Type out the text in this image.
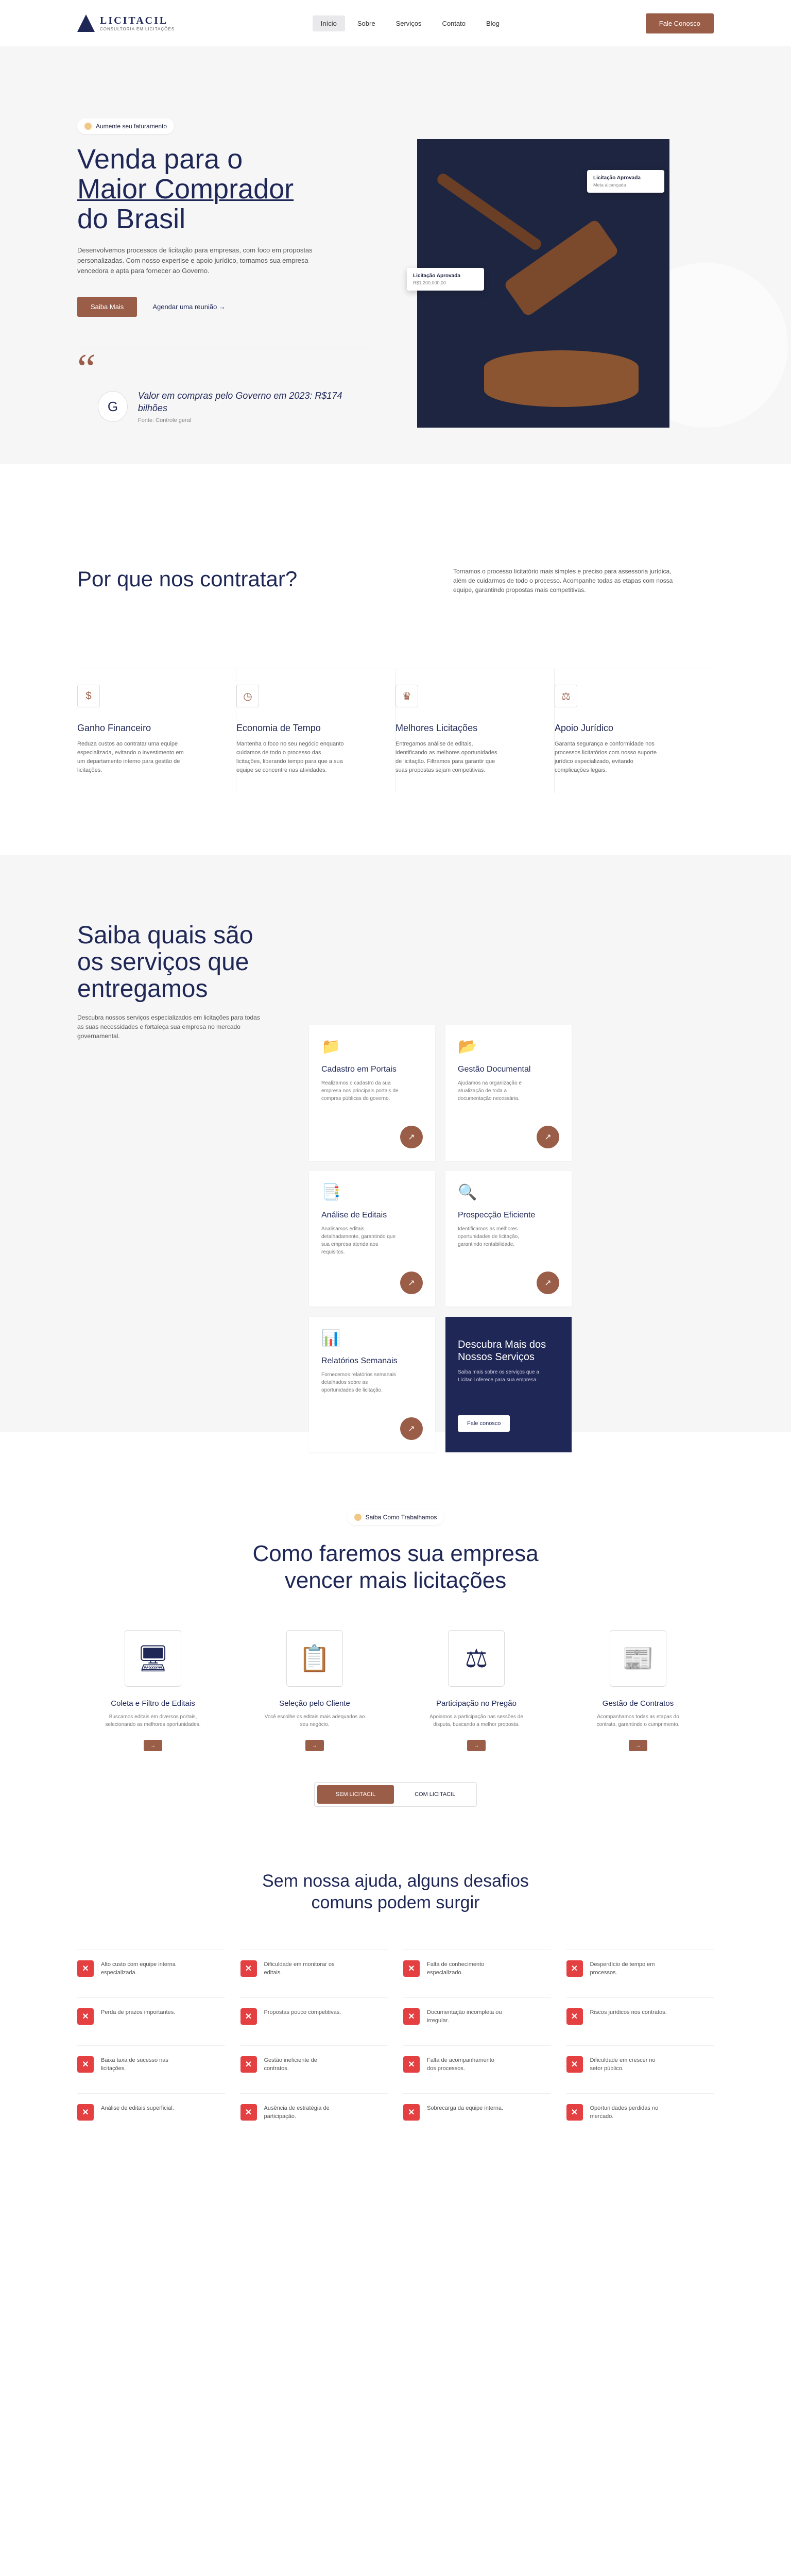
LICITACIL
CONSULTORIA EM LICITAÇÕES
Início	Sobre	Serviços	Contato	Blog	Fale Conosco
Aumente seu faturamento
Venda para o
Maior Comprador
do Brasil

Desenvolvemos processos de licitação para empresas, com foco em propostas personalizadas. Com nosso expertise e apoio jurídico, tornamos sua empresa vencedora e apta para fornecer ao Governo.

Saiba Mais	Agendar uma reunião →
“
G
Valor em compras pelo Governo em 2023: R$174 bilhões
Fonte: Controle geral
Licitação Aprovada
Meta alcançada
Licitação Aprovada
R$1.200.000,00
Por que nos contratar?	Tornamos o processo licitatório mais simples e preciso para assessoria jurídica, além de cuidarmos de todo o processo. Acompanhe todas as etapas com nossa equipe, garantindo propostas mais competitivas.

$
Ganho Financeiro

Reduza custos ao contratar uma equipe especializada, evitando o investimento em um departamento interno para gestão de licitações.

◷
Economia de Tempo

Mantenha o foco no seu negócio enquanto cuidamos de todo o processo das licitações, liberando tempo para que a sua equipe se concentre nas atividades.

♛
Melhores Licitações

Entregamos análise de editais, identificando as melhores oportunidades de licitação. Filtramos para garantir que suas propostas sejam competitivas.

⚖
Apoio Jurídico

Garanta segurança e conformidade nos processos licitatórios com nosso suporte jurídico especializado, evitando complicações legais.

Saiba quais são os serviços que entregamos

Descubra nossos serviços especializados em licitações para todas as suas necessidades e fortaleça sua empresa no mercado governamental.

📁
Cadastro em Portais

Realizamos o cadastro da sua empresa nos principais portais de compras públicas do governo.

↗
📂
Gestão Documental

Ajudamos na organização e atualização de toda a documentação necessária.

↗
📑
Análise de Editais

Analisamos editais detalhadamente, garantindo que sua empresa atenda aos requisitos.

↗
🔍
Prospecção Eficiente

Identificamos as melhores oportunidades de licitação, garantindo rentabilidade.

↗
📊
Relatórios Semanais

Fornecemos relatórios semanais detalhados sobre as oportunidades de licitação.

↗
Descubra Mais dos Nossos Serviços

Saiba mais sobre os serviços que a Licitacil oferece para sua empresa.

Fale conosco
Saiba Como Trabalhamos
Como faremos sua empresa
vencer mais licitações
🖥
Coleta e Filtro de Editais

Buscamos editais em diversos portais, selecionando as melhores oportunidades.

→
📋
Seleção pelo Cliente

Você escolhe os editais mais adequados ao seu negócio.

→
⚖
Participação no Pregão

Apoiamos a participação nas sessões de disputa, buscando a melhor proposta.

→
📰
Gestão de Contratos

Acompanhamos todas as etapas do contrato, garantindo o cumprimento.

→
SEM LICITACIL	COM LICITACIL
Sem nossa ajuda, alguns desafios
comuns podem surgir
✕	Alto custo com equipe interna especializada.	✕	Dificuldade em monitorar os editais.	✕	Falta de conhecimento especializado.	✕	Desperdício de tempo em processos.

✕	Perda de prazos importantes.	✕	Propostas pouco competitivas.	✕	Documentação incompleta ou irregular.	✕	Riscos jurídicos nos contratos.

✕	Baixa taxa de sucesso nas licitações.	✕	Gestão ineficiente de contratos.	✕	Falta de acompanhamento dos processos.	✕	Dificuldade em crescer no setor público.

✕	Análise de editais superficial.	✕	Ausência de estratégia de participação.	✕	Sobrecarga da equipe interna.	✕	Oportunidades perdidas no mercado.
